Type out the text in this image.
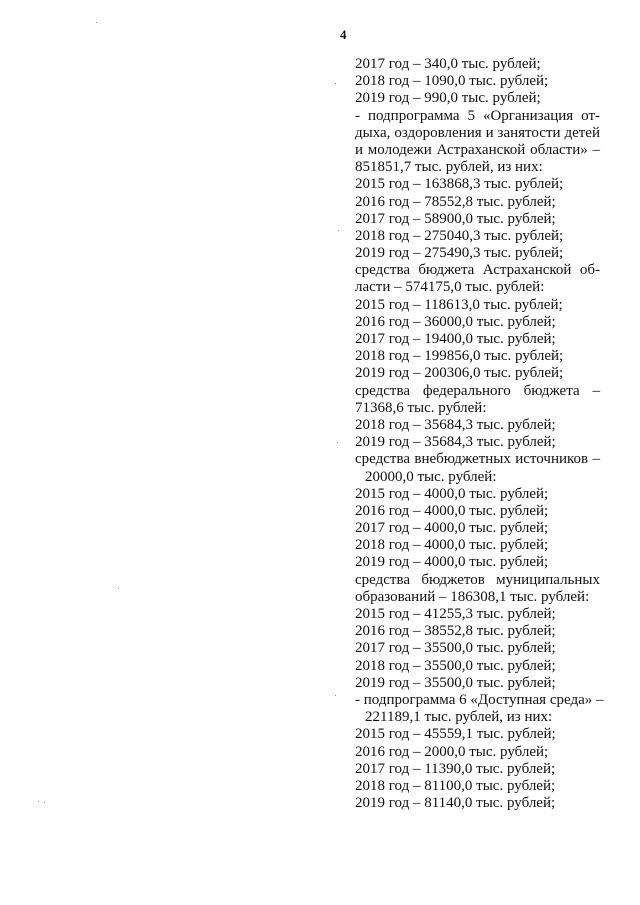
4
2017 год – 340,0 тыс. рублей;
2018 год – 1090,0 тыс. рублей;
2019 год – 990,0 тыс. рублей;
- подпрограмма 5 «Организация от-
дыха, оздоровления и занятости детей
и молодежи Астраханской области» –
851851,7 тыс. рублей, из них:
2015 год – 163868,3 тыс. рублей;
2016 год – 78552,8 тыс. рублей;
2017 год – 58900,0 тыс. рублей;
2018 год – 275040,3 тыс. рублей;
2019 год – 275490,3 тыс. рублей;
средства бюджета Астраханской об-
ласти – 574175,0 тыс. рублей:
2015 год – 118613,0 тыс. рублей;
2016 год – 36000,0 тыс. рублей;
2017 год – 19400,0 тыс. рублей;
2018 год – 199856,0 тыс. рублей;
2019 год – 200306,0 тыс. рублей;
средства федерального бюджета –
71368,6 тыс. рублей:
2018 год – 35684,3 тыс. рублей;
2019 год – 35684,3 тыс. рублей;
средства внебюджетных источников –
20000,0 тыс. рублей:
2015 год – 4000,0 тыс. рублей;
2016 год – 4000,0 тыс. рублей;
2017 год – 4000,0 тыс. рублей;
2018 год – 4000,0 тыс. рублей;
2019 год – 4000,0 тыс. рублей;
средства бюджетов муниципальных
образований – 186308,1 тыс. рублей:
2015 год – 41255,3 тыс. рублей;
2016 год – 38552,8 тыс. рублей;
2017 год – 35500,0 тыс. рублей;
2018 год – 35500,0 тыс. рублей;
2019 год – 35500,0 тыс. рублей;
- подпрограмма 6 «Доступная среда» –
221189,1 тыс. рублей, из них:
2015 год – 45559,1 тыс. рублей;
2016 год – 2000,0 тыс. рублей;
2017 год – 11390,0 тыс. рублей;
2018 год – 81100,0 тыс. рублей;
2019 год – 81140,0 тыс. рублей;
